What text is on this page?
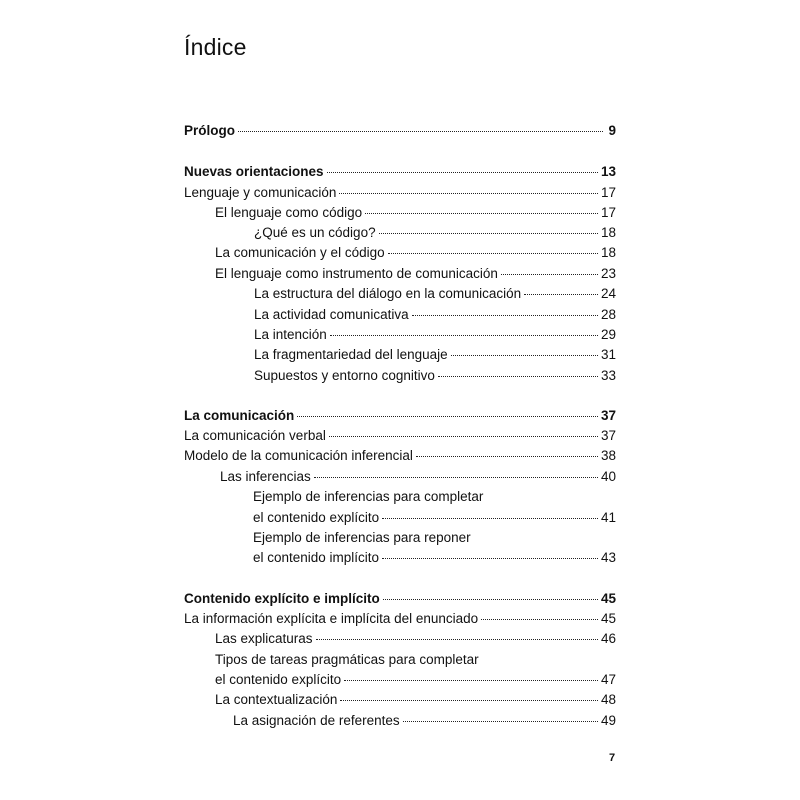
Índice
Prólogo	9
Nuevas orientaciones	13
Lenguaje y comunicación	17
El lenguaje como código	17
¿Qué es un código?	18
La comunicación y el código	18
El lenguaje como instrumento de comunicación	23
La estructura del diálogo en la comunicación	24
La actividad comunicativa	28
La intención	29
La fragmentariedad del lenguaje	31
Supuestos y entorno cognitivo	33
La comunicación	37
La comunicación verbal	37
Modelo de la comunicación inferencial	38
Las inferencias	40
Ejemplo de inferencias para completar
el contenido explícito	41
Ejemplo de inferencias para reponer
el contenido implícito	43
Contenido explícito e implícito	45
La información explícita e implícita del enunciado	45
Las explicaturas	46
Tipos de tareas pragmáticas para completar
el contenido explícito	47
La contextualización	48
La asignación de referentes	49
7
